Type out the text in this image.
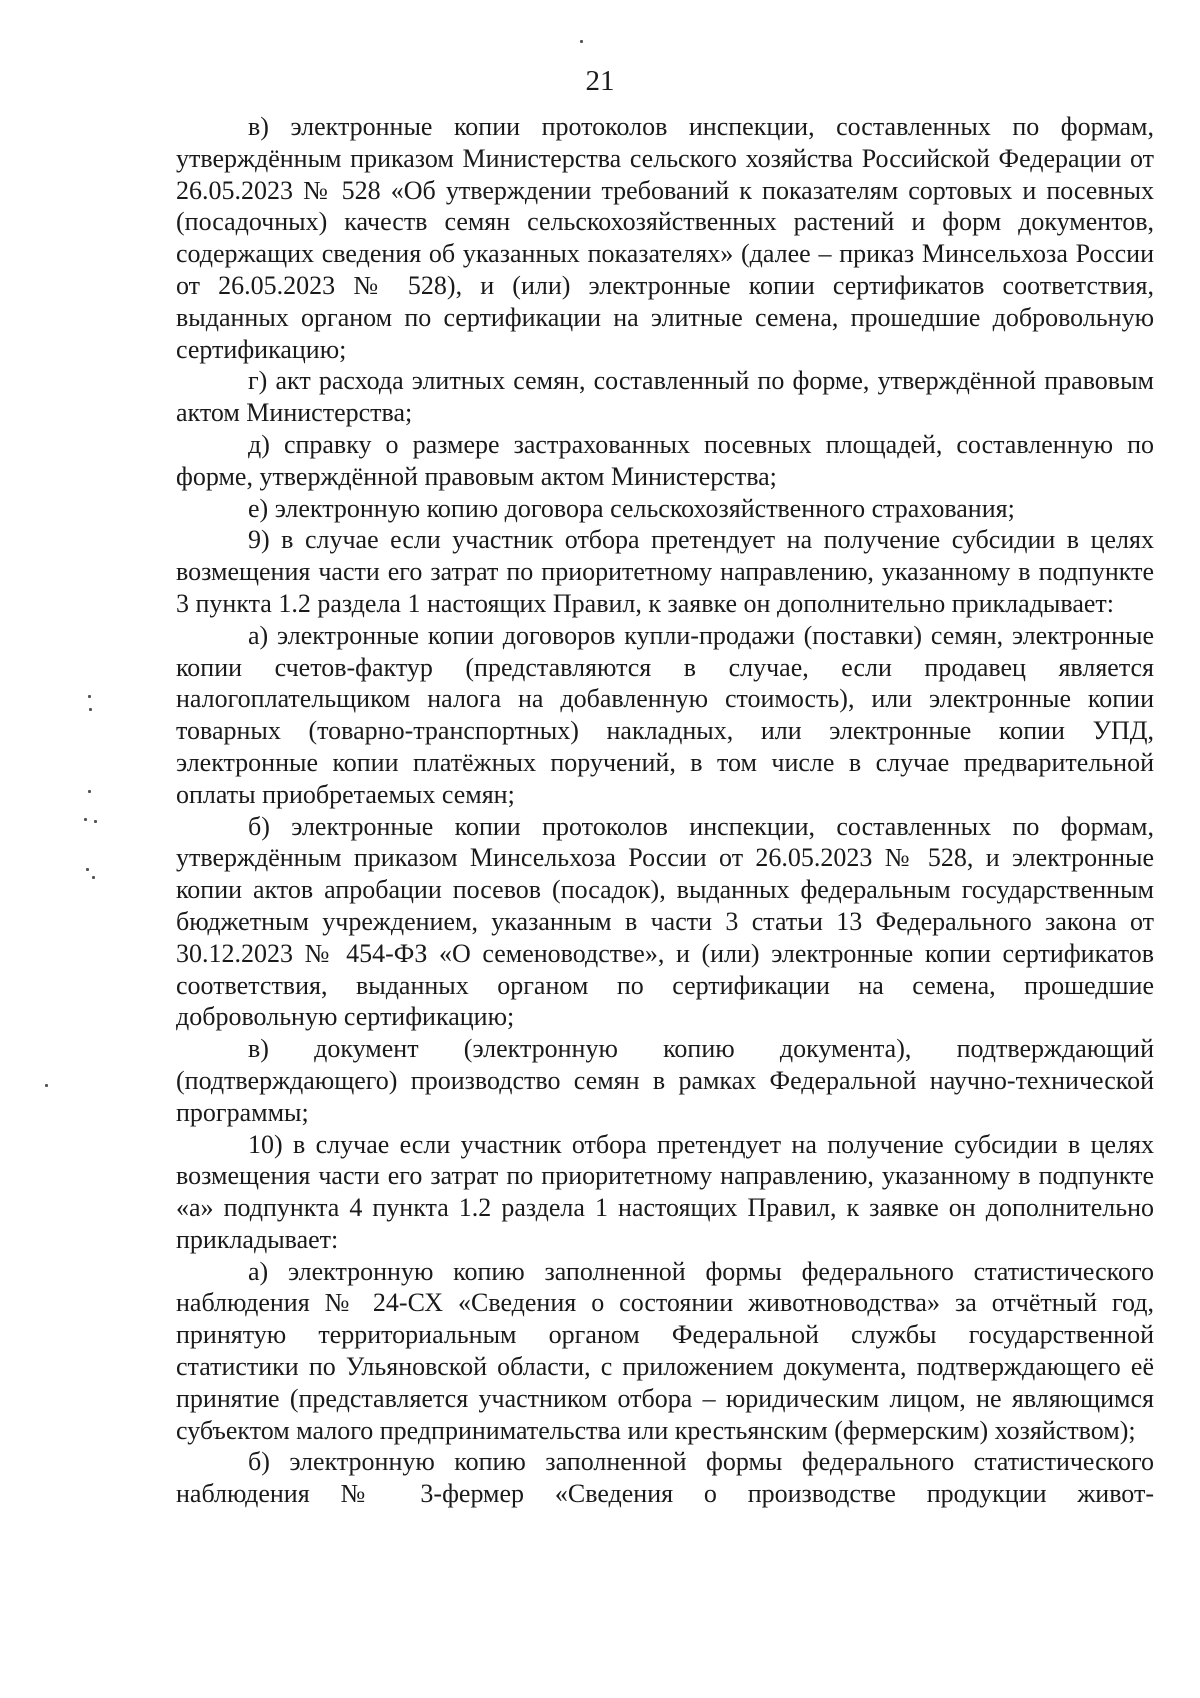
21

в) электронные копии протоколов инспекции, составленных по формам, утверждённым приказом Министерства сельского хозяйства Российской Федерации от 26.05.2023 № 528 «Об утверждении требований к показателям сортовых и посевных (посадочных) качеств семян сельскохозяйственных растений и форм документов, содержащих сведения об указанных показателях» (далее – приказ Минсельхоза России от 26.05.2023 № 528), и (или) электронные копии сертификатов соответствия, выданных органом по сертификации на элитные семена, прошедшие добровольную сертификацию;

г) акт расхода элитных семян, составленный по форме, утверждённой правовым актом Министерства;

д) справку о размере застрахованных посевных площадей, составленную по форме, утверждённой правовым актом Министерства;

е) электронную копию договора сельскохозяйственного страхования;

9) в случае если участник отбора претендует на получение субсидии в целях возмещения части его затрат по приоритетному направлению, указанному в подпункте 3 пункта 1.2 раздела 1 настоящих Правил, к заявке он дополнительно прикладывает:

а) электронные копии договоров купли-продажи (поставки) семян, электронные копии счетов-фактур (представляются в случае, если продавец является налогоплательщиком налога на добавленную стоимость), или электронные копии товарных (товарно-транспортных) накладных, или электронные копии УПД, электронные копии платёжных поручений, в том числе в случае предварительной оплаты приобретаемых семян;

б) электронные копии протоколов инспекции, составленных по формам, утверждённым приказом Минсельхоза России от 26.05.2023 № 528, и электронные копии актов апробации посевов (посадок), выданных федеральным государственным бюджетным учреждением, указанным в части 3 статьи 13 Федерального закона от 30.12.2023 № 454-ФЗ «О семеноводстве», и (или) электронные копии сертификатов соответствия, выданных органом по сертификации на семена, прошедшие добровольную сертификацию;

в) документ (электронную копию документа), подтверждающий (подтверждающего) производство семян в рамках Федеральной научно-технической программы;

10) в случае если участник отбора претендует на получение субсидии в целях возмещения части его затрат по приоритетному направлению, указанному в подпункте «а» подпункта 4 пункта 1.2 раздела 1 настоящих Правил, к заявке он дополнительно прикладывает:

а) электронную копию заполненной формы федерального статистического наблюдения № 24-СХ «Сведения о состоянии животноводства» за отчётный год, принятую территориальным органом Федеральной службы государственной статистики по Ульяновской области, с приложением документа, подтверждающего её принятие (представляется участником отбора – юридическим лицом, не являющимся субъектом малого предпринимательства или крестьянским (фермерским) хозяйством);

б) электронную копию заполненной формы федерального статистического наблюдения № 3-фермер «Сведения о производстве продукции живот-
